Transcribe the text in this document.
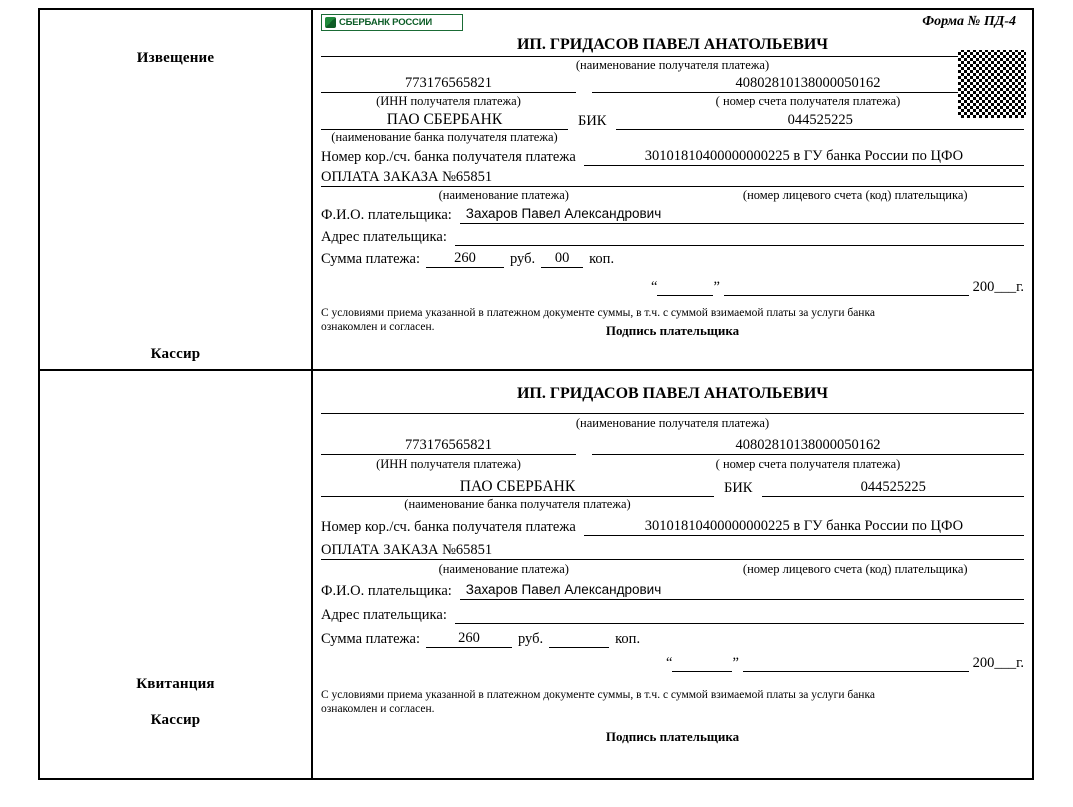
Извещение
Кассир
СБЕРБАНК РОССИИ	Форма № ПД-4
ИП. ГРИДАСОВ ПАВЕЛ АНАТОЛЬЕВИЧ
(наименование получателя платежа)
773176565821	40802810138000050162
(ИНН получателя платежа)	( номер счета получателя платежа)
ПАО СБЕРБАНК	БИК	044525225
(наименование банка получателя платежа)
Номер кор./сч. банка получателя платежа	30101810400000000225 в ГУ банка России по ЦФО
ОПЛАТА ЗАКАЗА №65851
(наименование платежа)	(номер лицевого счета (код) плательщика)
Ф.И.О. плательщика:	Захаров Павел Александрович
Адрес плательщика:
Сумма платежа:	260	руб.	00	коп.
“	”	200___г.
С условиями приема указанной в платежном документе суммы, в т.ч. с суммой взимаемой платы за услуги банка
ознакомлен и согласен.	Подпись плательщика
Квитанция
Кассир
ИП. ГРИДАСОВ ПАВЕЛ АНАТОЛЬЕВИЧ
(наименование получателя платежа)
773176565821	40802810138000050162
(ИНН получателя платежа)	( номер счета получателя платежа)
ПАО СБЕРБАНК	БИК	044525225
(наименование банка получателя платежа)
Номер кор./сч. банка получателя платежа	30101810400000000225 в ГУ банка России по ЦФО
ОПЛАТА ЗАКАЗА №65851
(наименование платежа)	(номер лицевого счета (код) плательщика)
Ф.И.О. плательщика:	Захаров Павел Александрович
Адрес плательщика:
Сумма платежа:	260	руб.	коп.
“	”	200___г.
С условиями приема указанной в платежном документе суммы, в т.ч. с суммой взимаемой платы за услуги банка
ознакомлен и согласен.
Подпись плательщика
